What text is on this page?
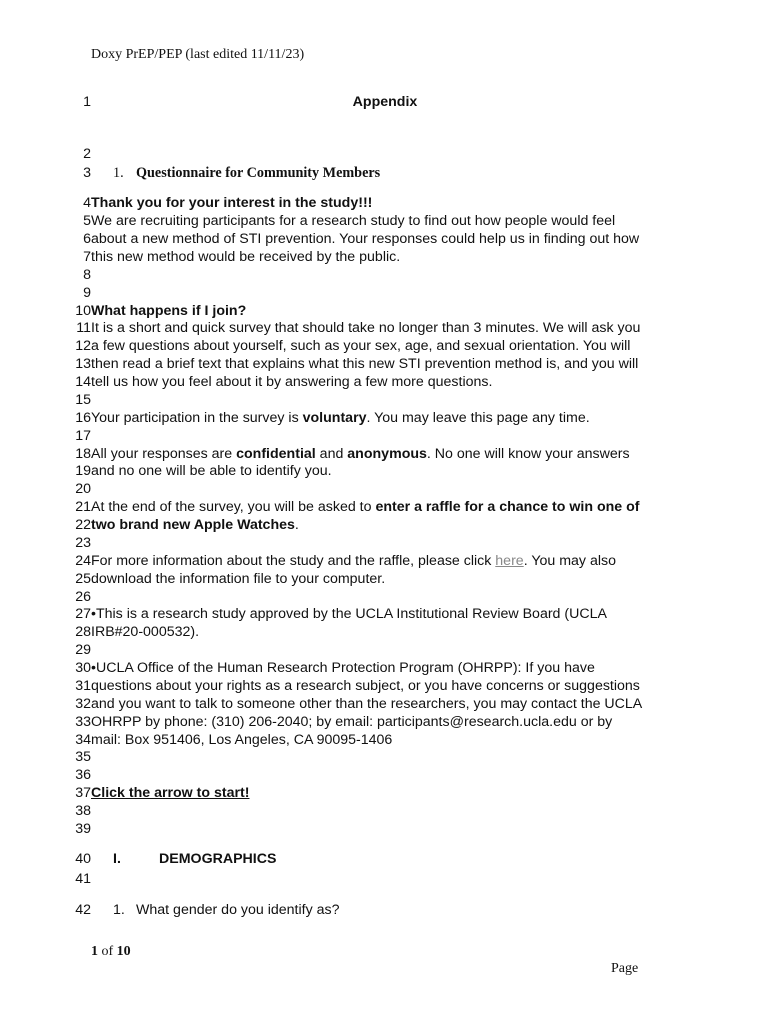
Doxy PrEP/PEP (last edited 11/11/23)
1	Appendix
2
3 1. Questionnaire for Community Members
4 Thank you for your interest in the study!!!
5 We are recruiting participants for a research study to find out how people would feel
6 about a new method of STI prevention. Your responses could help us in finding out how
7 this new method would be received by the public.
8
9
10 What happens if I join?
11 It is a short and quick survey that should take no longer than 3 minutes. We will ask you
12 a few questions about yourself, such as your sex, age, and sexual orientation. You will
13 then read a brief text that explains what this new STI prevention method is, and you will
14 tell us how you feel about it by answering a few more questions.
15
16 Your participation in the survey is voluntary. You may leave this page any time.
17
18 All your responses are confidential and anonymous. No one will know your answers
19 and no one will be able to identify you.
20
21 At the end of the survey, you will be asked to enter a raffle for a chance to win one of
22 two brand new Apple Watches.
23
24 For more information about the study and the raffle, please click here. You may also
25 download the information file to your computer.
26
27 •This is a research study approved by the UCLA Institutional Review Board (UCLA
28 IRB#20-000532).
29
30 •UCLA Office of the Human Research Protection Program (OHRPP): If you have
31 questions about your rights as a research subject, or you have concerns or suggestions
32 and you want to talk to someone other than the researchers, you may contact the UCLA
33 OHRPP by phone: (310) 206-2040; by email: participants@research.ucla.edu or by
34 mail: Box 951406, Los Angeles, CA 90095-1406
35
36
37 Click the arrow to start!
38
39
40 I.	DEMOGRAPHICS
41
42 1. What gender do you identify as?
1 of 10
Page
